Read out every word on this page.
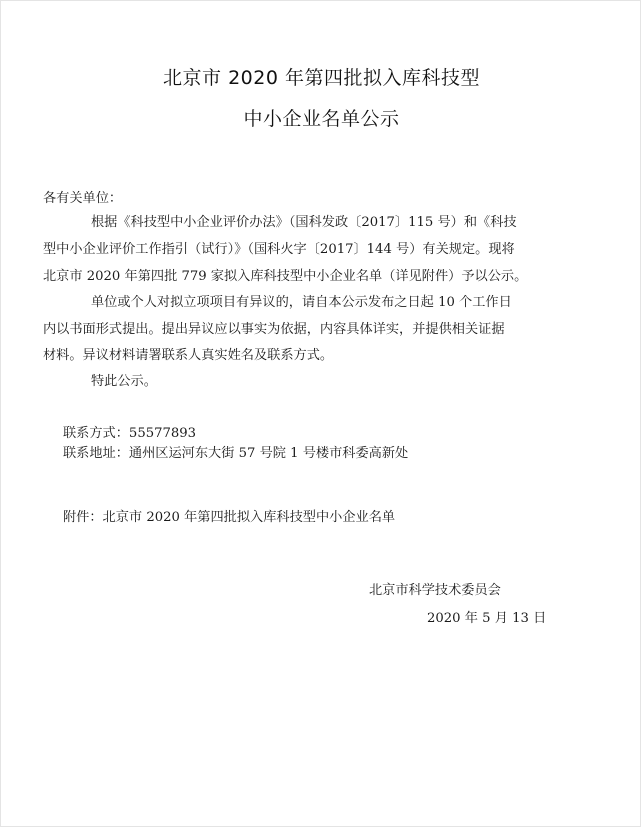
北京市 2020 年第四批拟入库科技型
中小企业名单公示
各有关单位：
根据《科技型中小企业评价办法》（国科发政〔2017〕115 号）和《科技
型中小企业评价工作指引（试行）》（国科火字〔2017〕144 号）有关规定。现将
北京市 2020 年第四批 779 家拟入库科技型中小企业名单（详见附件）予以公示。
单位或个人对拟立项项目有异议的，请自本公示发布之日起 10 个工作日
内以书面形式提出。提出异议应以事实为依据，内容具体详实，并提供相关证据
材料。异议材料请署联系人真实姓名及联系方式。
特此公示。
联系方式：55577893
联系地址：通州区运河东大街 57 号院 1 号楼市科委高新处
附件：北京市 2020 年第四批拟入库科技型中小企业名单
北京市科学技术委员会
2020 年 5 月 13 日
